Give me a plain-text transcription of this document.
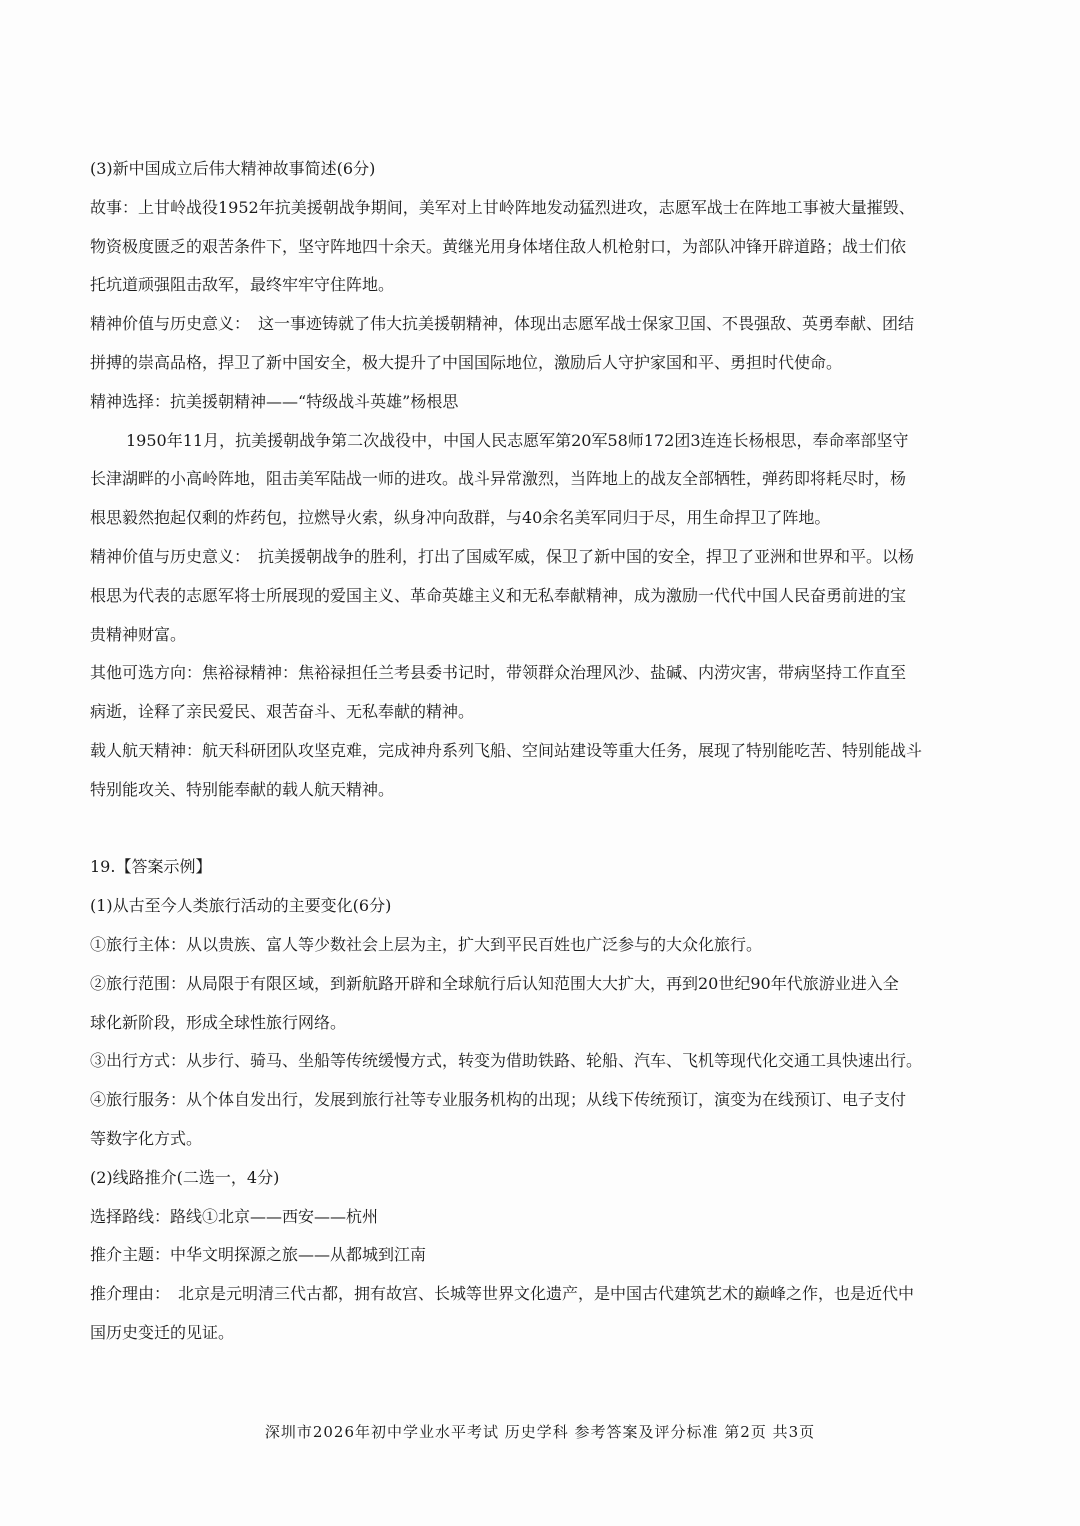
(3)新中国成立后伟大精神故事简述(6分)
故事：上甘岭战役1952年抗美援朝战争期间，美军对上甘岭阵地发动猛烈进攻，志愿军战士在阵地工事被大量摧毁、
物资极度匮乏的艰苦条件下，坚守阵地四十余天。黄继光用身体堵住敌人机枪射口，为部队冲锋开辟道路；战士们依
托坑道顽强阻击敌军，最终牢牢守住阵地。
精神价值与历史意义：　这一事迹铸就了伟大抗美援朝精神，体现出志愿军战士保家卫国、不畏强敌、英勇奉献、团结
拼搏的崇高品格，捍卫了新中国安全，极大提升了中国国际地位，激励后人守护家国和平、勇担时代使命。
精神选择：抗美援朝精神——“特级战斗英雄”杨根思
1950年11月，抗美援朝战争第二次战役中，中国人民志愿军第20军58师172团3连连长杨根思，奉命率部坚守
长津湖畔的小高岭阵地，阻击美军陆战一师的进攻。战斗异常激烈，当阵地上的战友全部牺牲，弹药即将耗尽时，杨
根思毅然抱起仅剩的炸药包，拉燃导火索，纵身冲向敌群，与40余名美军同归于尽，用生命捍卫了阵地。
精神价值与历史意义：　抗美援朝战争的胜利，打出了国威军威，保卫了新中国的安全，捍卫了亚洲和世界和平。以杨
根思为代表的志愿军将士所展现的爱国主义、革命英雄主义和无私奉献精神，成为激励一代代中国人民奋勇前进的宝
贵精神财富。
其他可选方向：焦裕禄精神：焦裕禄担任兰考县委书记时，带领群众治理风沙、盐碱、内涝灾害，带病坚持工作直至
病逝，诠释了亲民爱民、艰苦奋斗、无私奉献的精神。
载人航天精神：航天科研团队攻坚克难，完成神舟系列飞船、空间站建设等重大任务，展现了特别能吃苦、特别能战斗
特别能攻关、特别能奉献的载人航天精神。
19.【答案示例】
(1)从古至今人类旅行活动的主要变化(6分)
①旅行主体：从以贵族、富人等少数社会上层为主，扩大到平民百姓也广泛参与的大众化旅行。
②旅行范围：从局限于有限区域，到新航路开辟和全球航行后认知范围大大扩大，再到20世纪90年代旅游业进入全
球化新阶段，形成全球性旅行网络。
③出行方式：从步行、骑马、坐船等传统缓慢方式，转变为借助铁路、轮船、汽车、飞机等现代化交通工具快速出行。
④旅行服务：从个体自发出行，发展到旅行社等专业服务机构的出现；从线下传统预订，演变为在线预订、电子支付
等数字化方式。
(2)线路推介(二选一，4分)
选择路线：路线①北京——西安——杭州
推介主题：中华文明探源之旅——从都城到江南
推介理由：　北京是元明清三代古都，拥有故宫、长城等世界文化遗产，是中国古代建筑艺术的巅峰之作，也是近代中
国历史变迁的见证。
深圳市2026年初中学业水平考试 历史学科 参考答案及评分标准 第2页 共3页
